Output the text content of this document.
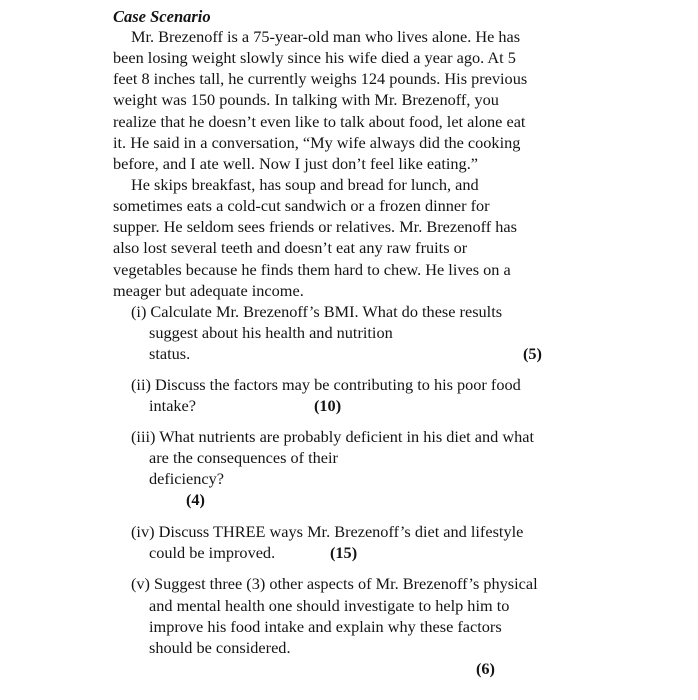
Case Scenario
Mr. Brezenoff is a 75-year-old man who lives alone. He has
been losing weight slowly since his wife died a year ago. At 5
feet 8 inches tall, he currently weighs 124 pounds. His previous
weight was 150 pounds. In talking with Mr. Brezenoff, you
realize that he doesn’t even like to talk about food, let alone eat
it. He said in a conversation, “My wife always did the cooking
before, and I ate well. Now I just don’t feel like eating.”
He skips breakfast, has soup and bread for lunch, and
sometimes eats a cold-cut sandwich or a frozen dinner for
supper. He seldom sees friends or relatives. Mr. Brezenoff has
also lost several teeth and doesn’t eat any raw fruits or
vegetables because he finds them hard to chew. He lives on a
meager but adequate income.
(i) Calculate Mr. Brezenoff’s BMI. What do these results
suggest about his health and nutrition
status.	(5)
(ii) Discuss the factors may be contributing to his poor food
intake?	(10)
(iii) What nutrients are probably deficient in his diet and what
are the consequences of their
deficiency?
(4)
(iv) Discuss THREE ways Mr. Brezenoff’s diet and lifestyle
could be improved.	(15)
(v) Suggest three (3) other aspects of Mr. Brezenoff’s physical
and mental health one should investigate to help him to
improve his food intake and explain why these factors
should be considered.
(6)
